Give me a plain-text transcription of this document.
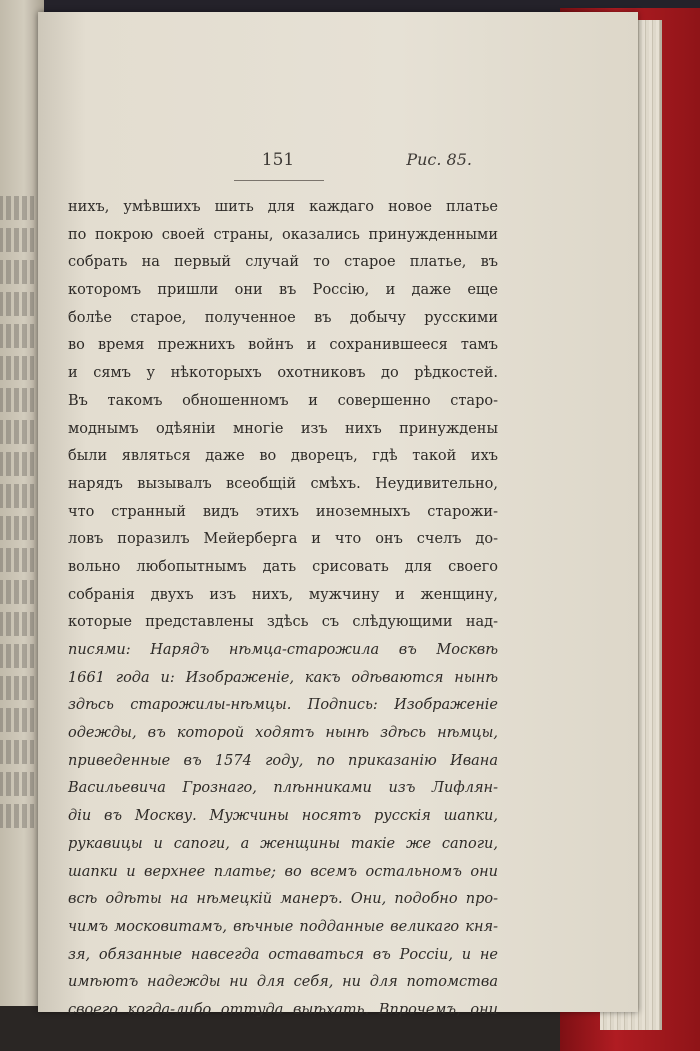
151	Рис. 85.
нихъ, умѣвшихъ шить для каждаго новое платье
по покрою своей страны, оказались принужденными
собрать на первый случай то старое платье, въ
которомъ пришли они въ Россію, и даже еще
болѣе старое, полученное въ добычу русскими
во время прежнихъ войнъ и сохранившееся тамъ
и сямъ у нѣкоторыхъ охотниковъ до рѣдкостей.
Въ такомъ обношенномъ и совершенно старо-
моднымъ одѣяніи многіе изъ нихъ принуждены
были являться даже во дворецъ, гдѣ такой ихъ
нарядъ вызывалъ всеобщій смѣхъ. Неудивительно,
что странный видъ этихъ иноземныхъ старожи-
ловъ поразилъ Мейерберга и что онъ счелъ до-
вольно любопытнымъ дать срисовать для своего
собранія двухъ изъ нихъ, мужчину и женщину,
которые представлены здѣсь съ слѣдующими над-
писями: Нарядъ нѣмца-старожила въ Москвѣ
1661 года и: Изображеніе, какъ одѣваются нынѣ
здѣсь старожилы-нѣмцы. Подпись: Изображеніе
одежды, въ которой ходятъ нынѣ здѣсь нѣмцы,
приведенные въ 1574 году, по приказанію Ивана
Васильевича Грознаго, плѣнниками изъ Лифлян-
діи въ Москву. Мужчины носятъ русскія шапки,
рукавицы и сапоги, а женщины такіе же сапоги,
шапки и верхнее платье; во всемъ остальномъ они
всѣ одѣты на нѣмецкій манеръ. Они, подобно про-
чимъ московитамъ, вѣчные подданные великаго кня-
зя, обязанные навсегда оставаться въ Россіи, и не
имѣютъ надежды ни для себя, ни для потомства
своего когда-либо оттуда выѣхать. Впрочемъ, они
